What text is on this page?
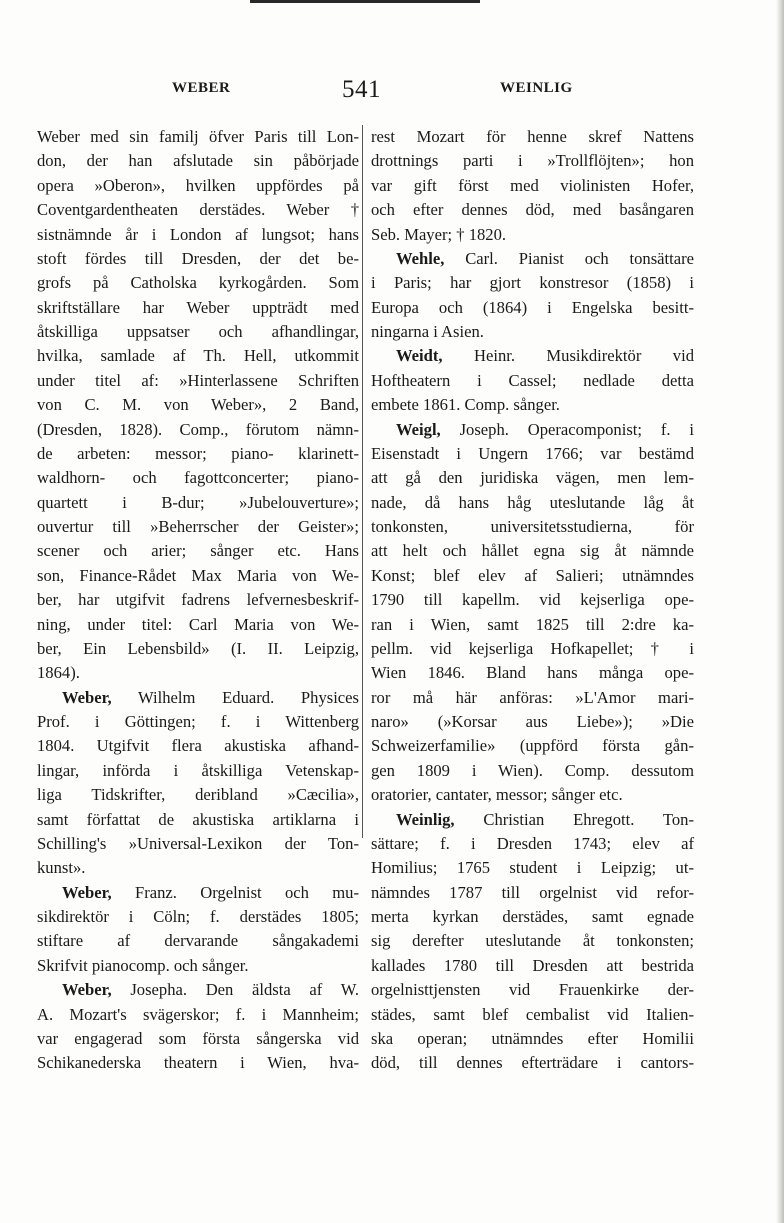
WEBER	541	WEINLIG
Weber med sin familj öfver Paris till Lon-
don, der han afslutade sin påbörjade
opera »Oberon», hvilken uppfördes på
Coventgardentheaten derstädes. Weber †
sistnämnde år i London af lungsot; hans
stoft fördes till Dresden, der det be-
grofs på Catholska kyrkogården. Som
skriftställare har Weber uppträdt med
åtskilliga uppsatser och afhandlingar,
hvilka, samlade af Th. Hell, utkommit
under titel af: »Hinterlassene Schriften
von C. M. von Weber», 2 Band,
(Dresden, 1828). Comp., förutom nämn-
de arbeten: messor; piano- klarinett-
waldhorn- och fagottconcerter; piano-
quartett i B-dur; »Jubelouverture»;
ouvertur till »Beherrscher der Geister»;
scener och arier; sånger etc. Hans
son, Finance-Rådet Max Maria von We-
ber, har utgifvit fadrens lefvernesbeskrif-
ning, under titel: Carl Maria von We-
ber, Ein Lebensbild» (I. II. Leipzig,
1864).
Weber, Wilhelm Eduard. Physices
Prof. i Göttingen; f. i Wittenberg
1804. Utgifvit flera akustiska afhand-
lingar, införda i åtskilliga Vetenskap-
liga Tidskrifter, deribland »Cæcilia»,
samt författat de akustiska artiklarna i
Schilling's »Universal-Lexikon der Ton-
kunst».
Weber, Franz. Orgelnist och mu-
sikdirektör i Cöln; f. derstädes 1805;
stiftare af dervarande sångakademi
Skrifvit pianocomp. och sånger.
Weber, Josepha. Den äldsta af W.
A. Mozart's svägerskor; f. i Mannheim;
var engagerad som första sångerska vid
Schikanederska theatern i Wien, hva-
rest Mozart för henne skref Nattens
drottnings parti i »Trollflöjten»; hon
var gift först med violinisten Hofer,
och efter dennes död, med basångaren
Seb. Mayer; † 1820.
Wehle, Carl. Pianist och tonsättare
i Paris; har gjort konstresor (1858) i
Europa och (1864) i Engelska besitt-
ningarna i Asien.
Weidt, Heinr. Musikdirektör vid
Hoftheatern i Cassel; nedlade detta
embete 1861. Comp. sånger.
Weigl, Joseph. Operacomponist; f. i
Eisenstadt i Ungern 1766; var bestämd
att gå den juridiska vägen, men lem-
nade, då hans håg uteslutande låg åt
tonkonsten, universitetsstudierna, för
att helt och hållet egna sig åt nämnde
Konst; blef elev af Salieri; utnämndes
1790 till kapellm. vid kejserliga ope-
ran i Wien, samt 1825 till 2:dre ka-
pellm. vid kejserliga Hofkapellet; † i
Wien 1846. Bland hans många ope-
ror må här anföras: »L'Amor mari-
naro» (»Korsar aus Liebe»); »Die
Schweizerfamilie» (uppförd första gån-
gen 1809 i Wien). Comp. dessutom
oratorier, cantater, messor; sånger etc.
Weinlig, Christian Ehregott. Ton-
sättare; f. i Dresden 1743; elev af
Homilius; 1765 student i Leipzig; ut-
nämndes 1787 till orgelnist vid refor-
merta kyrkan derstädes, samt egnade
sig derefter uteslutande åt tonkonsten;
kallades 1780 till Dresden att bestrida
orgelnisttjensten vid Frauenkirke der-
städes, samt blef cembalist vid Italien-
ska operan; utnämndes efter Homilii
död, till dennes efterträdare i cantors-
